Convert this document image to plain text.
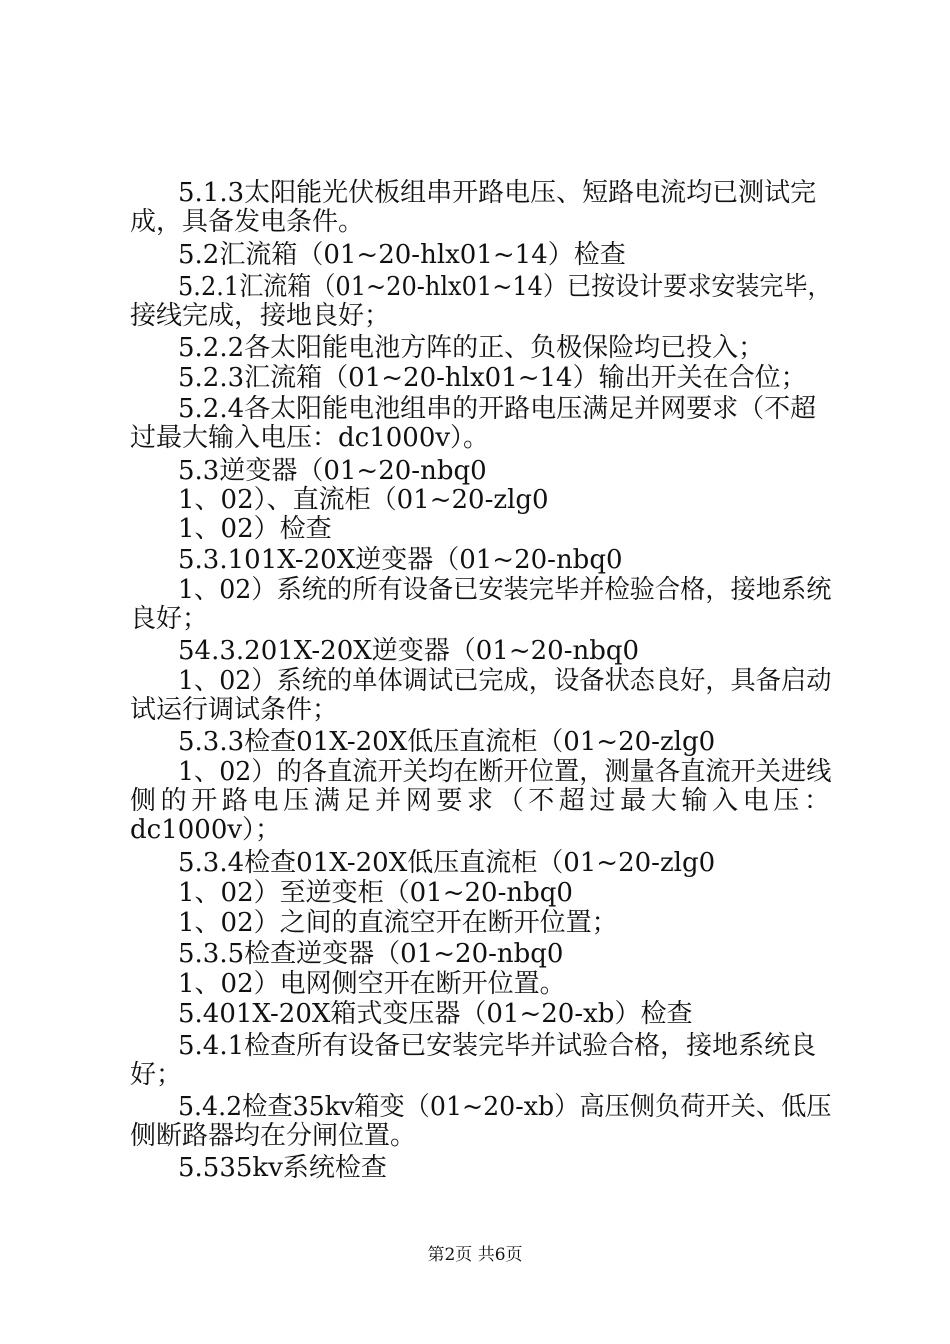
5.1.3太阳能光伏板组串开路电压、短路电流均已测试完
成，具备发电条件。
5.2汇流箱（01~20-hlx01~14）检查
5.2.1汇流箱（01~20-hlx01~14）已按设计要求安装完毕，
接线完成，接地良好；
5.2.2各太阳能电池方阵的正、负极保险均已投入；
5.2.3汇流箱（01~20-hlx01~14）输出开关在合位；
5.2.4各太阳能电池组串的开路电压满足并网要求（不超
过最大输入电压：dc1000v）。
5.3逆变器（01~20-nbq0
1、02）、直流柜（01~20-zlg0
1、02）检查
5.3.101X-20X逆变器（01~20-nbq0
1、02）系统的所有设备已安装完毕并检验合格，接地系统
良好；
54.3.201X-20X逆变器（01~20-nbq0
1、02）系统的单体调试已完成，设备状态良好，具备启动
试运行调试条件；
5.3.3检查01X-20X低压直流柜（01~20-zlg0
1、02）的各直流开关均在断开位置，测量各直流开关进线
侧的开路电压满足并网要求（不超过最大输入电压：
dc1000v）；
5.3.4检查01X-20X低压直流柜（01~20-zlg0
1、02）至逆变柜（01~20-nbq0
1、02）之间的直流空开在断开位置；
5.3.5检查逆变器（01~20-nbq0
1、02）电网侧空开在断开位置。
5.401X-20X箱式变压器（01~20-xb）检查
5.4.1检查所有设备已安装完毕并试验合格，接地系统良
好；
5.4.2检查35kv箱变（01~20-xb）高压侧负荷开关、低压
侧断路器均在分闸位置。
5.535kv系统检查
第2页 共6页
